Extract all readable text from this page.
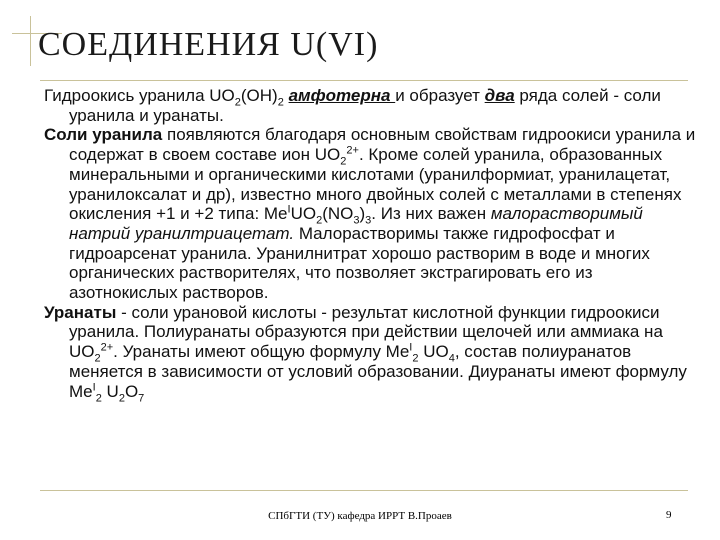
СОЕДИНЕНИЯ U(VI)

Гидроокись уранила $UO_2(OH)_2$ амфотерна и образует два ряда солей - соли уранила и уранаты.

Соли уранила появляются благодаря основным свойствам гидроокиси уранила и содержат в своем составе ион $UO_2^{2+}$. Кроме солей уранила, образованных минеральными и органическими кислотами (уранилформиат, уранилацетат, уранилоксалат и др), известно много двойных солей с металлами в степенях окисления +1 и +2 типа: $Me^IUO_2(NO_3)_3$. Из них важен малорастворимый натрий уранилтриацетат. Малорастворимы также гидрофосфат и гидроарсенат уранила. Уранилнитрат хорошо растворим в воде и многих органических растворителях, что позволяет экстрагировать его из азотнокислых растворов.

Уранаты - соли урановой кислоты - результат кислотной функции гидроокиси уранила. Полиуранаты образуются при действии щелочей или аммиака на $UO_2^{2+}$. Уранаты имеют общую формулу $Me^I_2$ $UO_4$, состав полиуранатов меняется в зависимости от условий образовании. Диуранаты имеют формулу $Me^I_2$ $U_2O_7$

СПбГТИ (ТУ) кафедра ИРРТ В.Проаев	9
